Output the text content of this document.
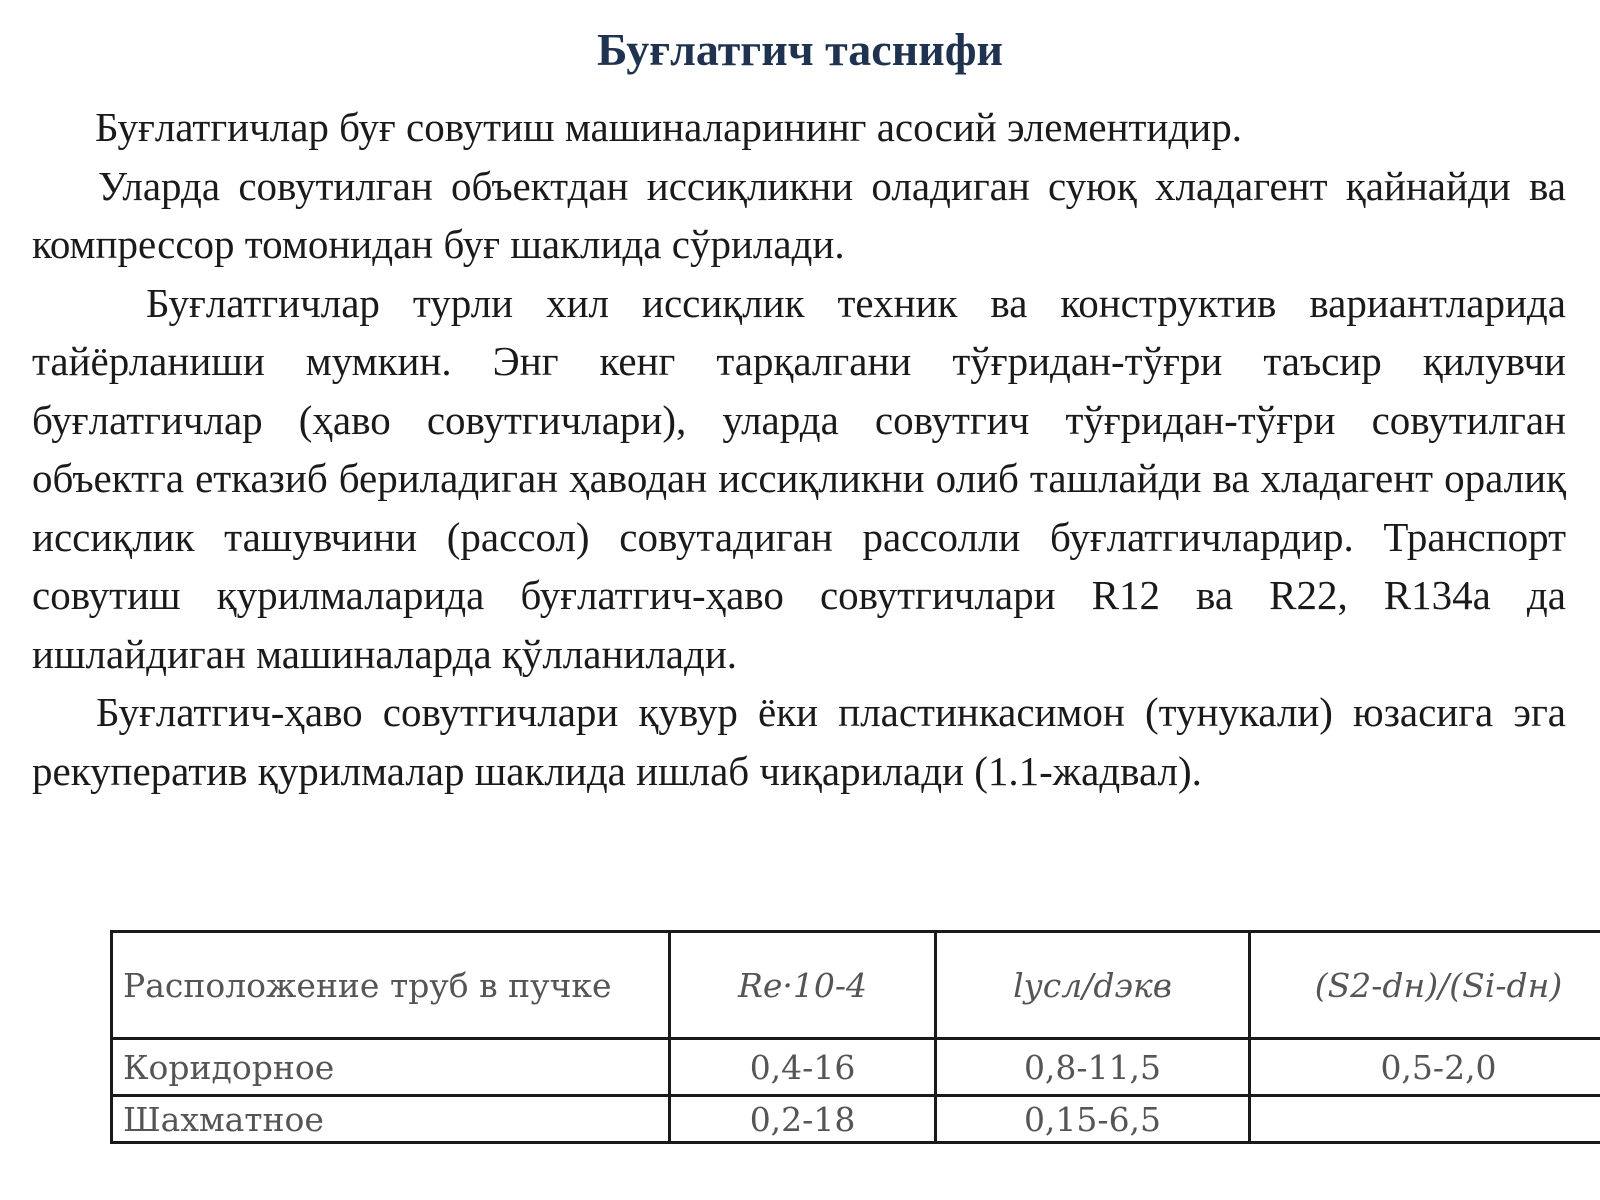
Буғлатгич таснифи

Буғлатгичлар буғ совутиш машиналарининг асосий элементидир.

Уларда совутилган объектдан иссиқликни оладиган суюқ хладагент қайнайди ва компрессор томонидан буғ шаклида сўрилади.

Буғлатгичлар турли хил иссиқлик техник ва конструктив вариантларида тайёрланиши мумкин. Энг кенг тарқалгани тўғридан-тўғри таъсир қилувчи буғлатгичлар (ҳаво совутгичлари), уларда совутгич тўғридан-тўғри совутилган объектга етказиб бериладиган ҳаводан иссиқликни олиб ташлайди ва хладагент оралиқ иссиқлик ташувчини (рассол) совутадиган рассолли буғлатгичлардир. Транспорт совутиш қурилмаларида буғлатгич-ҳаво совутгичлари R12 ва R22, R134a да ишлайдиган машиналарда қўлланилади.

Буғлатгич-ҳаво совутгичлари қувур ёки пластинкасимон (тунукали) юзасига эга рекуператив қурилмалар шаклида ишлаб чиқарилади (1.1-жадвал).

Расположение труб в пучке	Re·10-4	lусл/dэкв	(S2-dн)/(Si-dн)
Коридорное	0,4-16	0,8-11,5	0,5-2,0
Шахматное	0,2-18	0,15-6,5	
